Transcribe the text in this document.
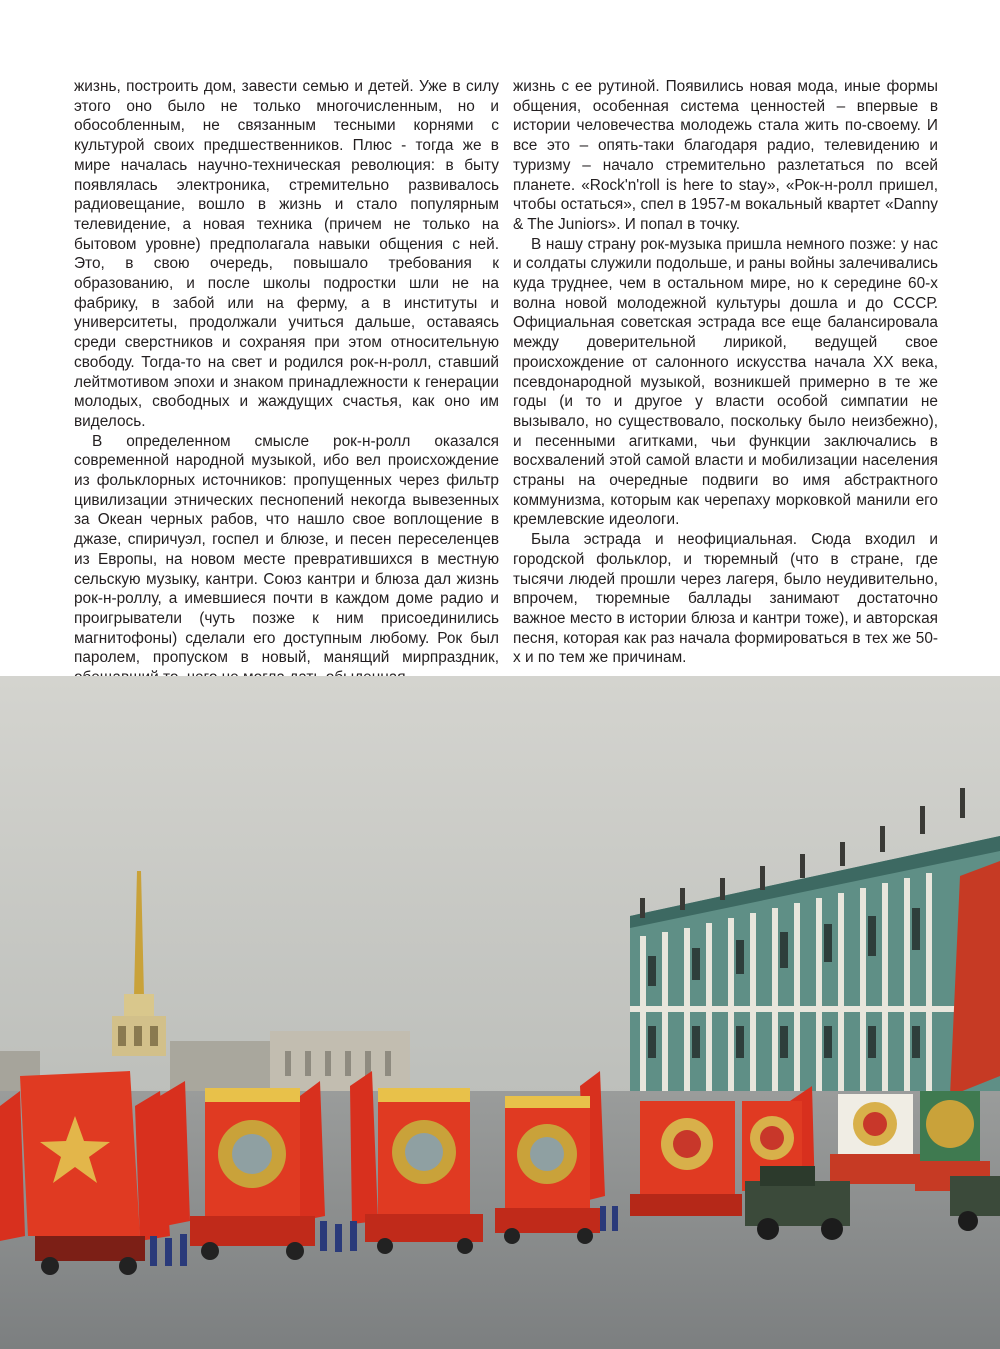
жизнь, построить дом, завести семью и детей. Уже в силу этого оно было не только многочисленным, но и обособленным, не связанным тесными корнями с культурой своих предшественников. Плюс - тогда же в мире началась научно-техническая революция: в быту появлялась электроника, стремительно развивалось радиовещание, вошло в жизнь и стало популярным телевидение, а новая техника (причем не только на бытовом уровне) предполагала навыки общения с ней. Это, в свою очередь, повышало требования к образованию, и после школы подростки шли не на фабрику, в забой или на ферму, а в институты и университеты, продолжали учиться дальше, оставаясь среди сверстников и сохраняя при этом относительную свободу. Тогда-то на свет и родился рок-н-ролл, ставший лейтмотивом эпохи и знаком принадлежности к генерации молодых, свободных и жаждущих счастья, как оно им виделось.

В определенном смысле рок-н-ролл оказался современной народной музыкой, ибо вел происхождение из фольклорных источников: пропущенных через фильтр цивилизации этнических песнопений некогда вывезенных за Океан черных рабов, что нашло свое воплощение в джазе, спиричуэл, госпел и блюзе, и песен переселенцев из Европы, на новом месте превратившихся в местную сельскую музыку, кантри. Союз кантри и блюза дал жизнь рок-н-роллу, а имевшиеся почти в каждом доме радио и проигрыватели (чуть позже к ним присоединились магнитофоны) сделали его доступным любому. Рок был паролем, пропуском в новый, манящий мирпраздник,

жизнь с ее рутиной. Появились новая мода, иные формы общения, особенная система ценностей – впервые в истории человечества молодежь стала жить по-своему. И все это – опять-таки благодаря радио, телевидению и туризму – начало стремительно разлетаться по всей планете. «Rock'n'roll is here to stay», «Рок-н-ролл пришел, чтобы остаться», спел в 1957-м вокальный квартет «Danny & The Juniors». И попал в точку.

В нашу страну рок-музыка пришла немного позже: у нас и солдаты служили подольше, и раны войны залечивались куда труднее, чем в остальном мире, но к середине 60-х волна новой молодежной культуры дошла и до СССР. Официальная советская эстрада все еще балансировала между доверительной лирикой, ведущей свое происхождение от салонного искусства начала XX века, псевдонародной музыкой, возникшей примерно в те же годы (и то и другое у власти особой симпатии не вызывало, но существовало, поскольку было неизбежно), и песенными агитками, чьи функции заключались в восхвалений этой самой власти и мобилизации населения страны на очередные подвиги во имя абстрактного коммунизма, которым как черепаху морковкой манили его кремлевские идеологи.

Была эстрада и неофициальная. Сюда входил и городской фольклор, и тюремный (что в стране, где тысячи людей прошли через лагеря, было неудивительно, впрочем, тюремные баллады занимают достаточно важное место в истории блюза и кантри тоже), и авторская песня, которая как раз начала формироваться в тех же 50-х и по тем же причинам.
